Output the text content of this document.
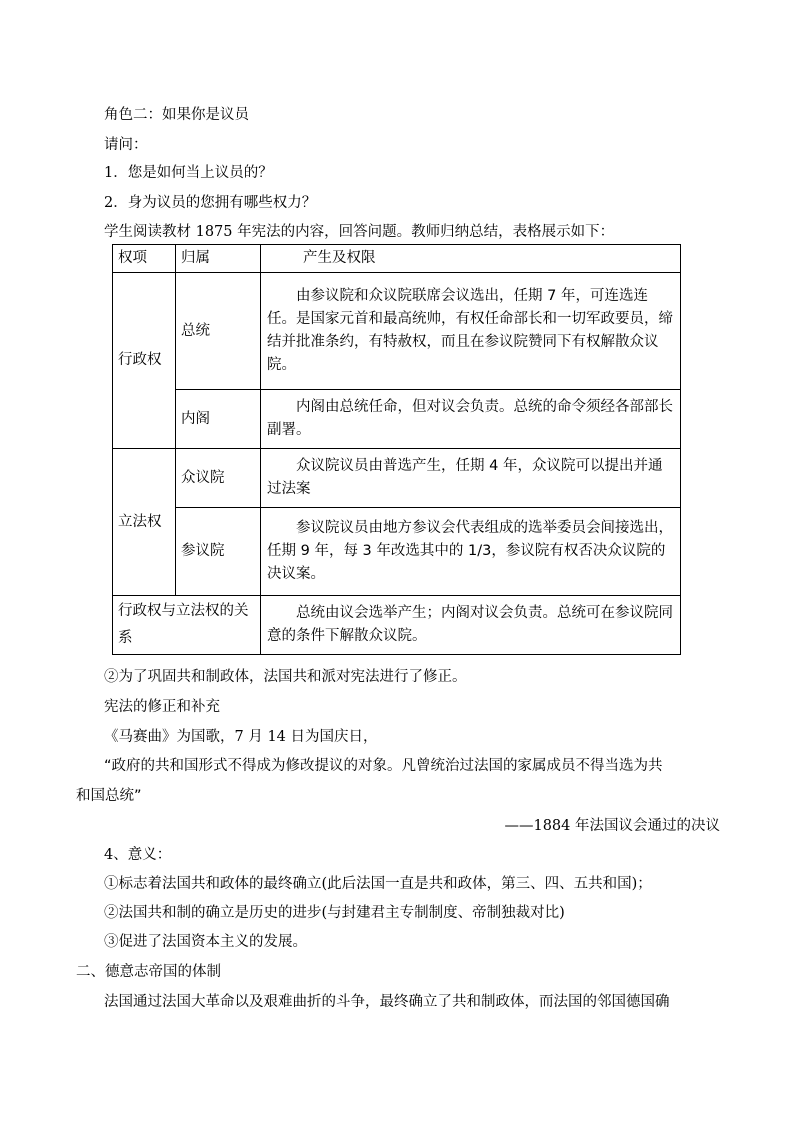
角色二：如果你是议员
请问：
1．您是如何当上议员的？
2．身为议员的您拥有哪些权力？
学生阅读教材 1875 年宪法的内容，回答问题。教师归纳总结，表格展示如下：
权项	归属	产生及权限
行政权	总统	由参议院和众议院联席会议选出，任期 7 年，可连选连任。是国家元首和最高统帅，有权任命部长和一切军政要员，缔结并批准条约，有特赦权，而且在参议院赞同下有权解散众议院。
	内阁	内阁由总统任命，但对议会负责。总统的命令须经各部部长副署。
立法权	众议院	众议院议员由普选产生，任期 4 年，众议院可以提出并通过法案
	参议院	参议院议员由地方参议会代表组成的选举委员会间接选出，任期 9 年，每 3 年改选其中的 1/3，参议院有权否决众议院的决议案。
行政权与立法权的关系		总统由议会选举产生；内阁对议会负责。总统可在参议院同意的条件下解散众议院。
②为了巩固共和制政体，法国共和派对宪法进行了修正。
宪法的修正和补充
《马赛曲》为国歌，7 月 14 日为国庆日，
“政府的共和国形式不得成为修改提议的对象。凡曾统治过法国的家属成员不得当选为共
和国总统”
——1884 年法国议会通过的决议
4、意义：
①标志着法国共和政体的最终确立(此后法国一直是共和政体，第三、四、五共和国)；
②法国共和制的确立是历史的进步(与封建君主专制制度、帝制独裁对比)
③促进了法国资本主义的发展。
二、德意志帝国的体制
法国通过法国大革命以及艰难曲折的斗争，最终确立了共和制政体，而法国的邻国德国确
